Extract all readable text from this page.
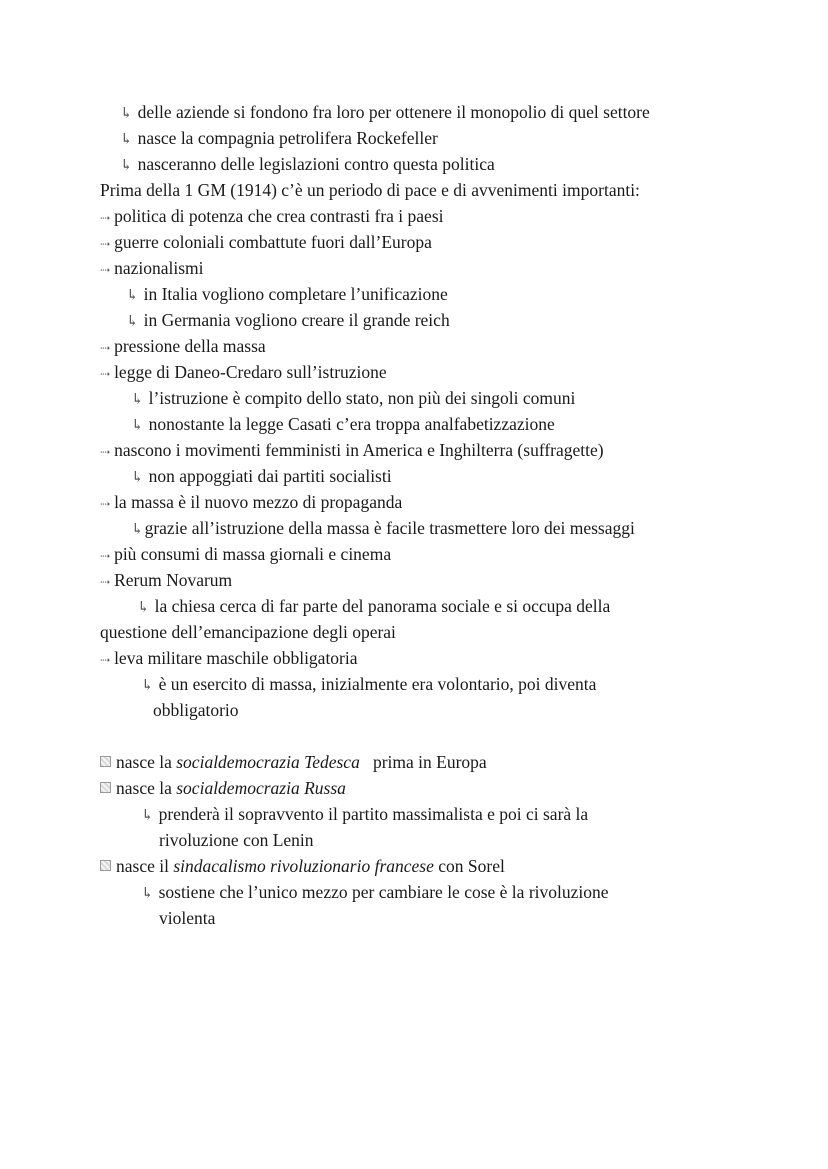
↳ delle aziende si fondono fra loro per ottenere il monopolio di quel settore
↳ nasce la compagnia petrolifera Rockefeller
↳ nasceranno delle legislazioni contro questa politica
Prima della 1 GM (1914) c’è un periodo di pace e di avvenimenti importanti:
⇢ politica di potenza che crea contrasti fra i paesi
⇢ guerre coloniali combattute fuori dall’Europa
⇢ nazionalismi
↳ in Italia vogliono completare l’unificazione
↳ in Germania vogliono creare il grande reich
⇢ pressione della massa
⇢ legge di Daneo-Credaro sull’istruzione
↳ l’istruzione è compito dello stato, non più dei singoli comuni
↳ nonostante la legge Casati c’era troppa analfabetizzazione
⇢ nascono i movimenti femministi in America e Inghilterra (suffragette)
↳ non appoggiati dai partiti socialisti
⇢ la massa è il nuovo mezzo di propaganda
↳grazie all’istruzione della massa è facile trasmettere loro dei messaggi
⇢ più consumi di massa giornali e cinema
⇢ Rerum Novarum
↳ la chiesa cerca di far parte del panorama sociale e si occupa della
questione dell’emancipazione degli operai
⇢ leva militare maschile obbligatoria
↳ è un esercito di massa, inizialmente era volontario, poi diventa
obbligatorio
nasce la socialdemocrazia Tedesca   prima in Europa
nasce la socialdemocrazia Russa
↳ prenderà il sopravvento il partito massimalista e poi ci sarà la
rivoluzione con Lenin
nasce il sindacalismo rivoluzionario francese con Sorel
↳ sostiene che l’unico mezzo per cambiare le cose è la rivoluzione
violenta
